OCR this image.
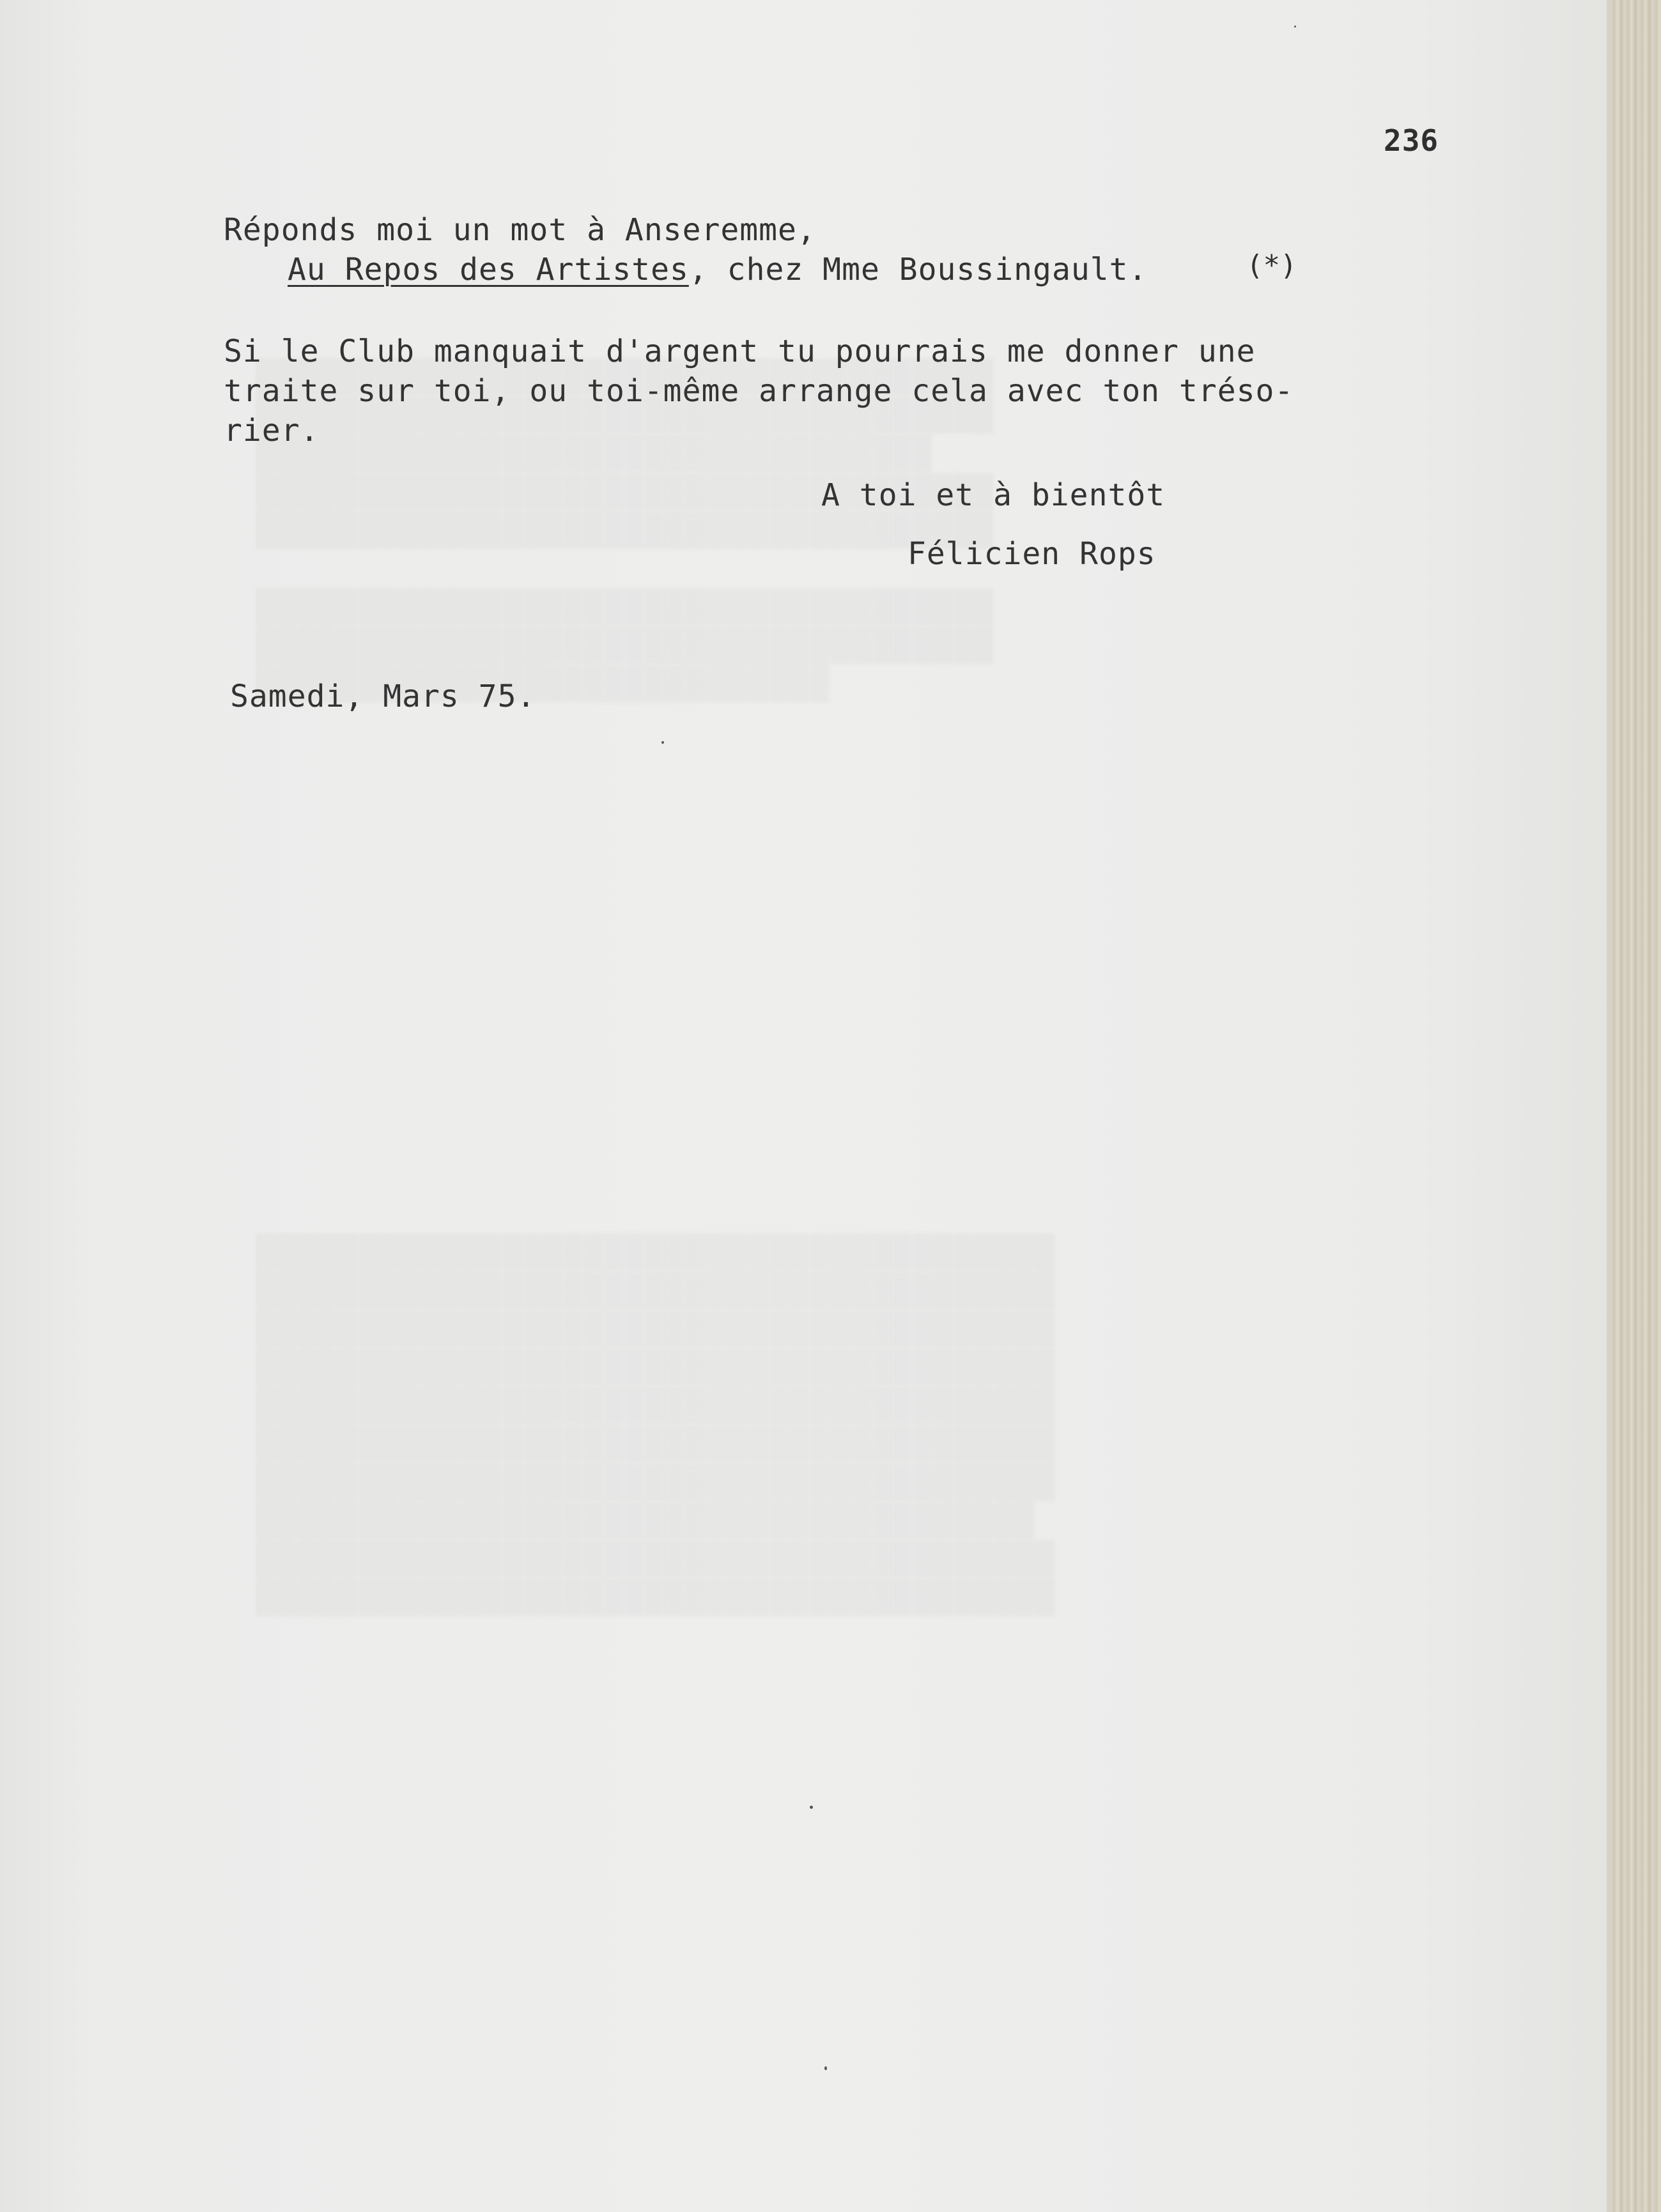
236

Réponds moi un mot à Anseremme,

Au Repos des Artistes, chez Mme Boussingault.	(*)

Si le Club manquait d'argent tu pourrais me donner une

traite sur toi, ou toi-même arrange cela avec ton tréso-

rier.

A toi et à bientôt

Félicien Rops

Samedi, Mars 75.
